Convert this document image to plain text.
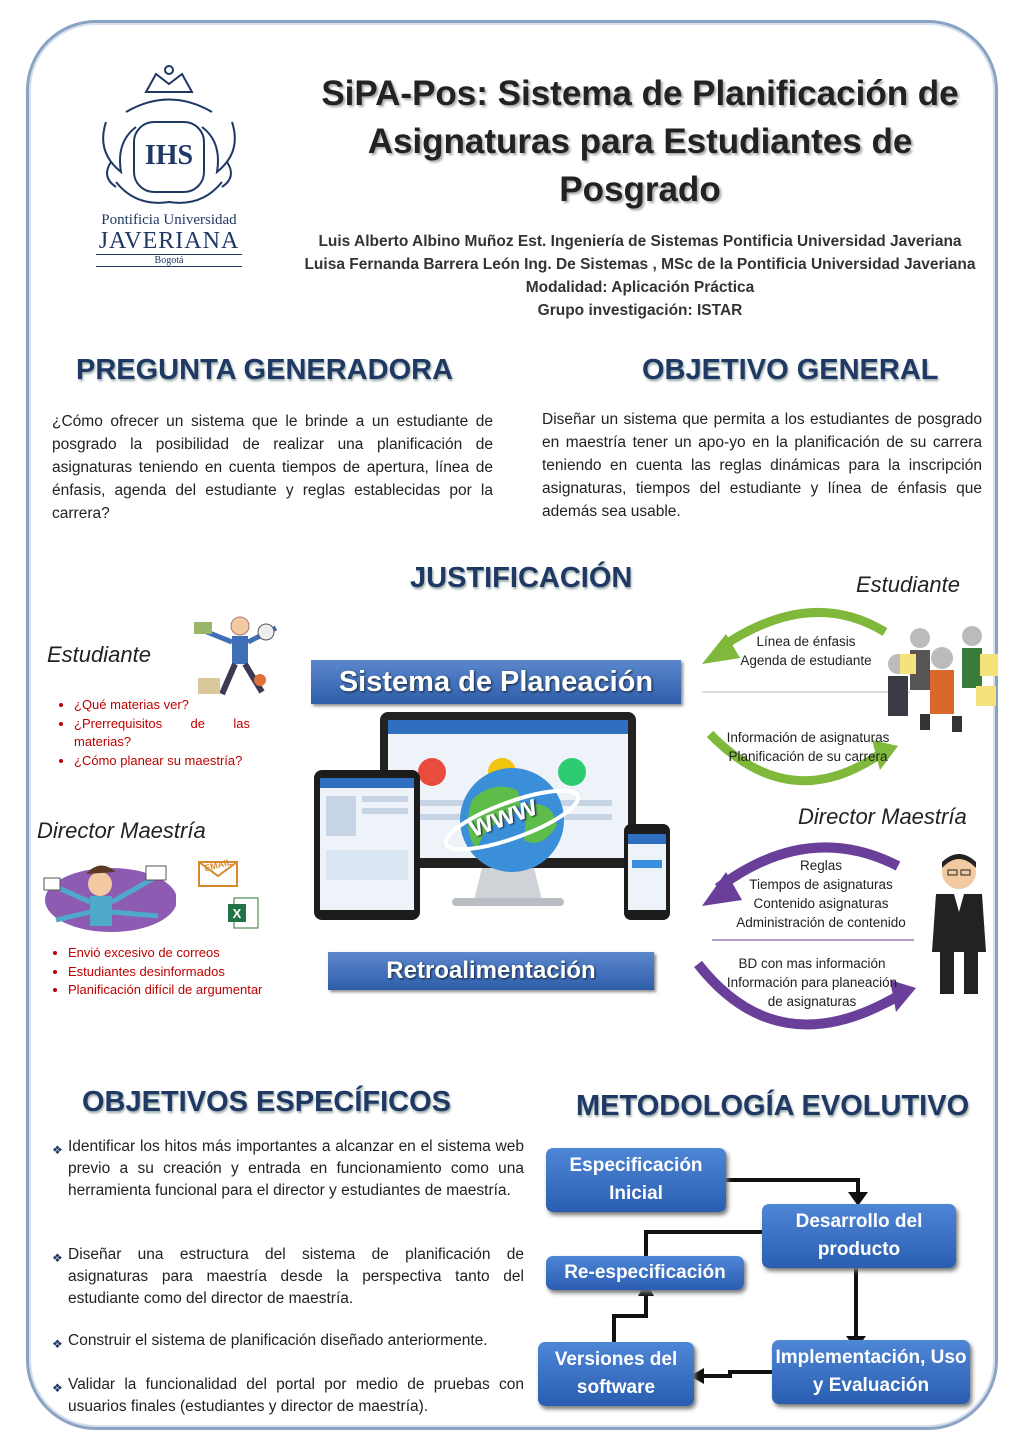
IHS
Pontificia Universidad
JAVERIANA
Bogotá
SiPA-Pos: Sistema de Planificación de
Asignaturas para Estudiantes de
Posgrado
Luis Alberto Albino Muñoz Est. Ingeniería de Sistemas Pontificia Universidad Javeriana
Luisa Fernanda Barrera León Ing. De Sistemas , MSc de la Pontificia Universidad Javeriana
Modalidad: Aplicación Práctica
Grupo investigación: ISTAR
PREGUNTA GENERADORA
¿Cómo ofrecer un sistema que le brinde a un estudiante de posgrado la posibilidad de realizar una planificación de asignaturas teniendo en cuenta tiempos de apertura, línea de énfasis, agenda del estudiante y reglas establecidas por la carrera?
OBJETIVO GENERAL
Diseñar un sistema que permita a los estudiantes de posgrado en maestría tener un apo-yo en la planificación de su carrera teniendo en cuenta las reglas dinámicas para la inscripción asignaturas, tiempos del estudiante y línea de énfasis que además sea usable.
JUSTIFICACIÓN
Estudiante
• ¿Qué materias ver?
• ¿Prerrequisitos de las materias?
• ¿Cómo planear su maestría?
Director Maestría
EMAIL
X
• Envió excesivo de correos
• Estudiantes desinformados
• Planificación difícil de argumentar
Sistema de Planeación
www
Retroalimentación
Estudiante
Línea de énfasis
Agenda de estudiante
Información de asignaturas
Planificación de su carrera
Director Maestría
Reglas
Tiempos de asignaturas
Contenido asignaturas
Administración de contenido
BD con mas información
Información para planeación
de asignaturas
OBJETIVOS ESPECÍFICOS
❖ Identificar los hitos más importantes a alcanzar en el sistema web previo a su creación y entrada en funcionamiento como una herramienta funcional para el director y estudiantes de maestría.
❖ Diseñar una estructura del sistema de planificación de asignaturas para maestría desde la perspectiva tanto del estudiante como del director de maestría.
❖ Construir el sistema de planificación diseñado anteriormente.
❖ Validar la funcionalidad del portal por medio de pruebas con usuarios finales (estudiantes y director de maestría).
METODOLOGÍA EVOLUTIVO
Especificación Inicial
Desarrollo del producto
Re-especificación
Versiones del software
Implementación, Uso y Evaluación
